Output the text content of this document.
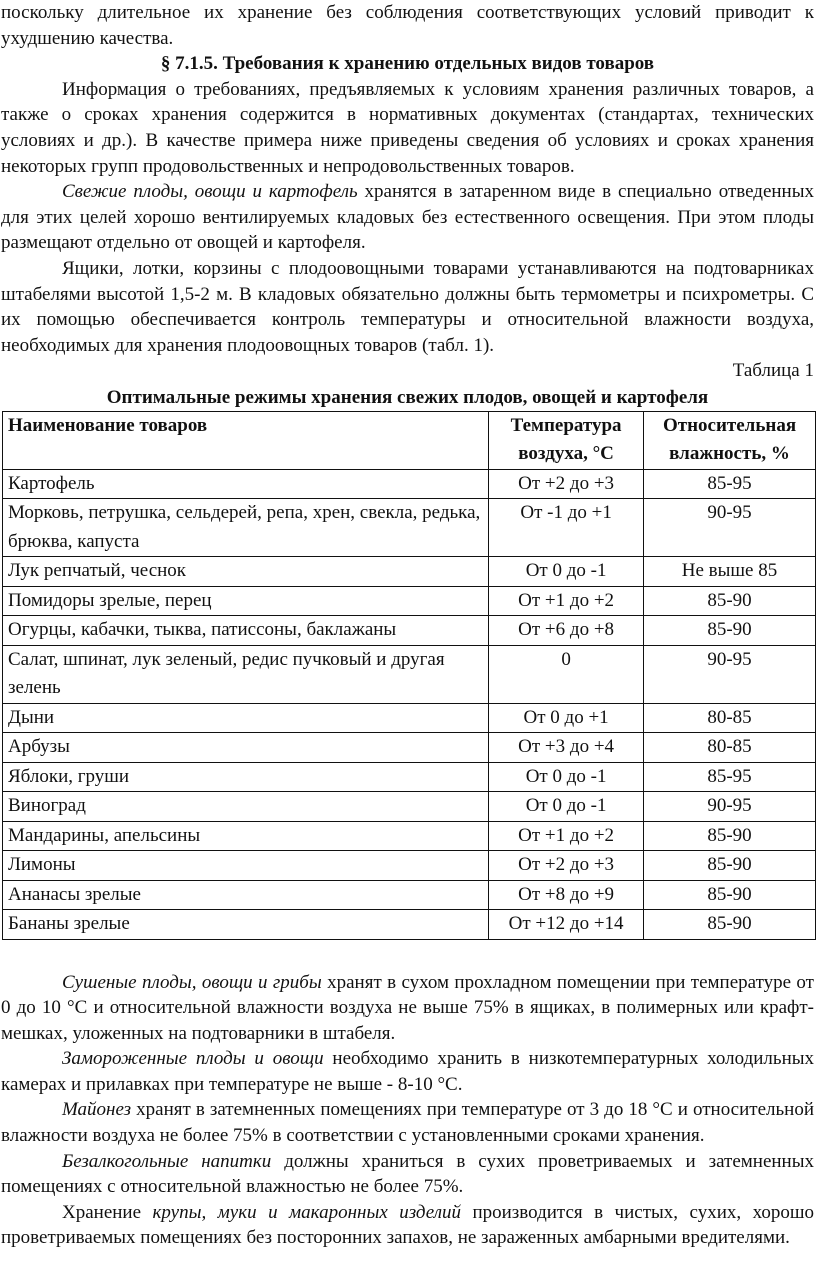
поскольку длительное их хранение без соблюдения соответствующих условий приводит к ухудшению качества.

§ 7.1.5. Требования к хранению отдельных видов товаров

Информация о требованиях, предъявляемых к условиям хранения различных товаров, а также о сроках хранения содержится в нормативных документах (стандартах, технических условиях и др.). В качестве примера ниже приведены сведения об условиях и сроках хранения некоторых групп продовольственных и непродовольственных товаров.

Свежие плоды, овощи и картофель хранятся в затаренном виде в специально отведенных для этих целей хорошо вентилируемых кладовых без естественного освещения. При этом плоды размещают отдельно от овощей и картофеля.

Ящики, лотки, корзины с плодоовощными товарами устанавливаются на подтоварниках штабелями высотой 1,5-2 м. В кладовых обязательно должны быть термометры и психрометры. С их помощью обеспечивается контроль температуры и относительной влажности воздуха, необходимых для хранения плодоовощных товаров (табл. 1).

Таблица 1

Оптимальные режимы хранения свежих плодов, овощей и картофеля

Наименование товаров	Температура воздуха, °С	Относительная влажность, %
Картофель	От +2 до +3	85-95
Морковь, петрушка, сельдерей, репа, хрен, свекла, редька, брюква, капуста	От -1 до +1	90-95
Лук репчатый, чеснок	От 0 до -1	Не выше 85
Помидоры зрелые, перец	От +1 до +2	85-90
Огурцы, кабачки, тыква, патиссоны, баклажаны	От +6 до +8	85-90
Салат, шпинат, лук зеленый, редис пучковый и другая зелень	0	90-95
Дыни	От 0 до +1	80-85
Арбузы	От +3 до +4	80-85
Яблоки, груши	От 0 до -1	85-95
Виноград	От 0 до -1	90-95
Мандарины, апельсины	От +1 до +2	85-90
Лимоны	От +2 до +3	85-90
Ананасы зрелые	От +8 до +9	85-90
Бананы зрелые	От +12 до +14	85-90

Сушеные плоды, овощи и грибы хранят в сухом прохладном помещении при температуре от 0 до 10 °С и относительной влажности воздуха не выше 75% в ящиках, в полимерных или крафт-мешках, уложенных на подтоварники в штабеля.

Замороженные плоды и овощи необходимо хранить в низкотемпературных холодильных камерах и прилавках при температуре не выше - 8-10 °С.

Майонез хранят в затемненных помещениях при температуре от 3 до 18 °С и относительной влажности воздуха не более 75% в соответствии с установленными сроками хранения.

Безалкогольные напитки должны храниться в сухих проветриваемых и затемненных помещениях с относительной влажностью не более 75%.

Хранение крупы, муки и макаронных изделий производится в чистых, сухих, хорошо проветриваемых помещениях без посторонних запахов, не зараженных амбарными вредителями.
